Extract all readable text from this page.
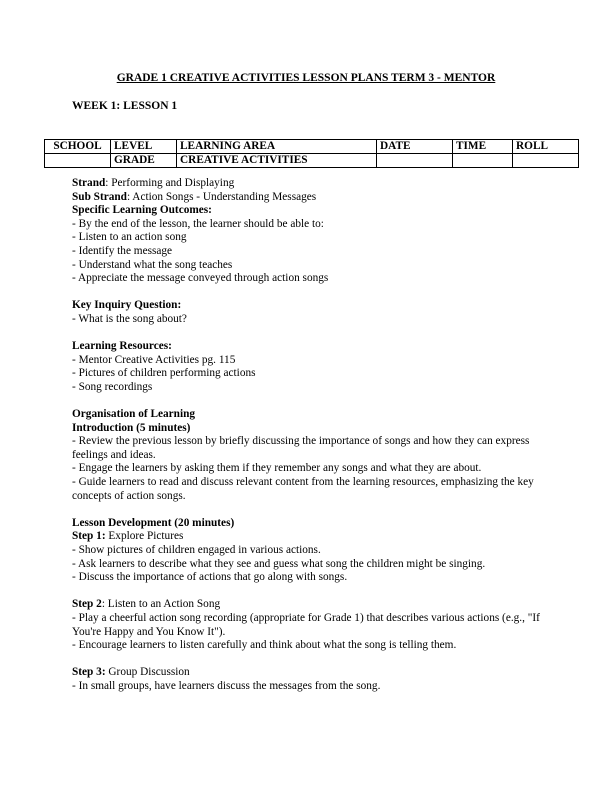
GRADE 1 CREATIVE ACTIVITIES LESSON PLANS TERM 3 - MENTOR
WEEK 1: LESSON 1
SCHOOL	LEVEL	LEARNING AREA	DATE	TIME	ROLL
	GRADE	CREATIVE ACTIVITIES			

Strand: Performing and Displaying

Sub Strand: Action Songs - Understanding Messages

Specific Learning Outcomes:

- By the end of the lesson, the learner should be able to:

- Listen to an action song

- Identify the message

- Understand what the song teaches

- Appreciate the message conveyed through action songs

Key Inquiry Question:

- What is the song about?

Learning Resources:

- Mentor Creative Activities pg. 115

- Pictures of children performing actions

- Song recordings

Organisation of Learning

Introduction (5 minutes)

- Review the previous lesson by briefly discussing the importance of songs and how they can express feelings and ideas.

- Engage the learners by asking them if they remember any songs and what they are about.

- Guide learners to read and discuss relevant content from the learning resources, emphasizing the key concepts of action songs.

Lesson Development (20 minutes)

Step 1: Explore Pictures

- Show pictures of children engaged in various actions.

- Ask learners to describe what they see and guess what song the children might be singing.

- Discuss the importance of actions that go along with songs.

Step 2: Listen to an Action Song

- Play a cheerful action song recording (appropriate for Grade 1) that describes various actions (e.g., "If You're Happy and You Know It").

- Encourage learners to listen carefully and think about what the song is telling them.

Step 3: Group Discussion

- In small groups, have learners discuss the messages from the song.
